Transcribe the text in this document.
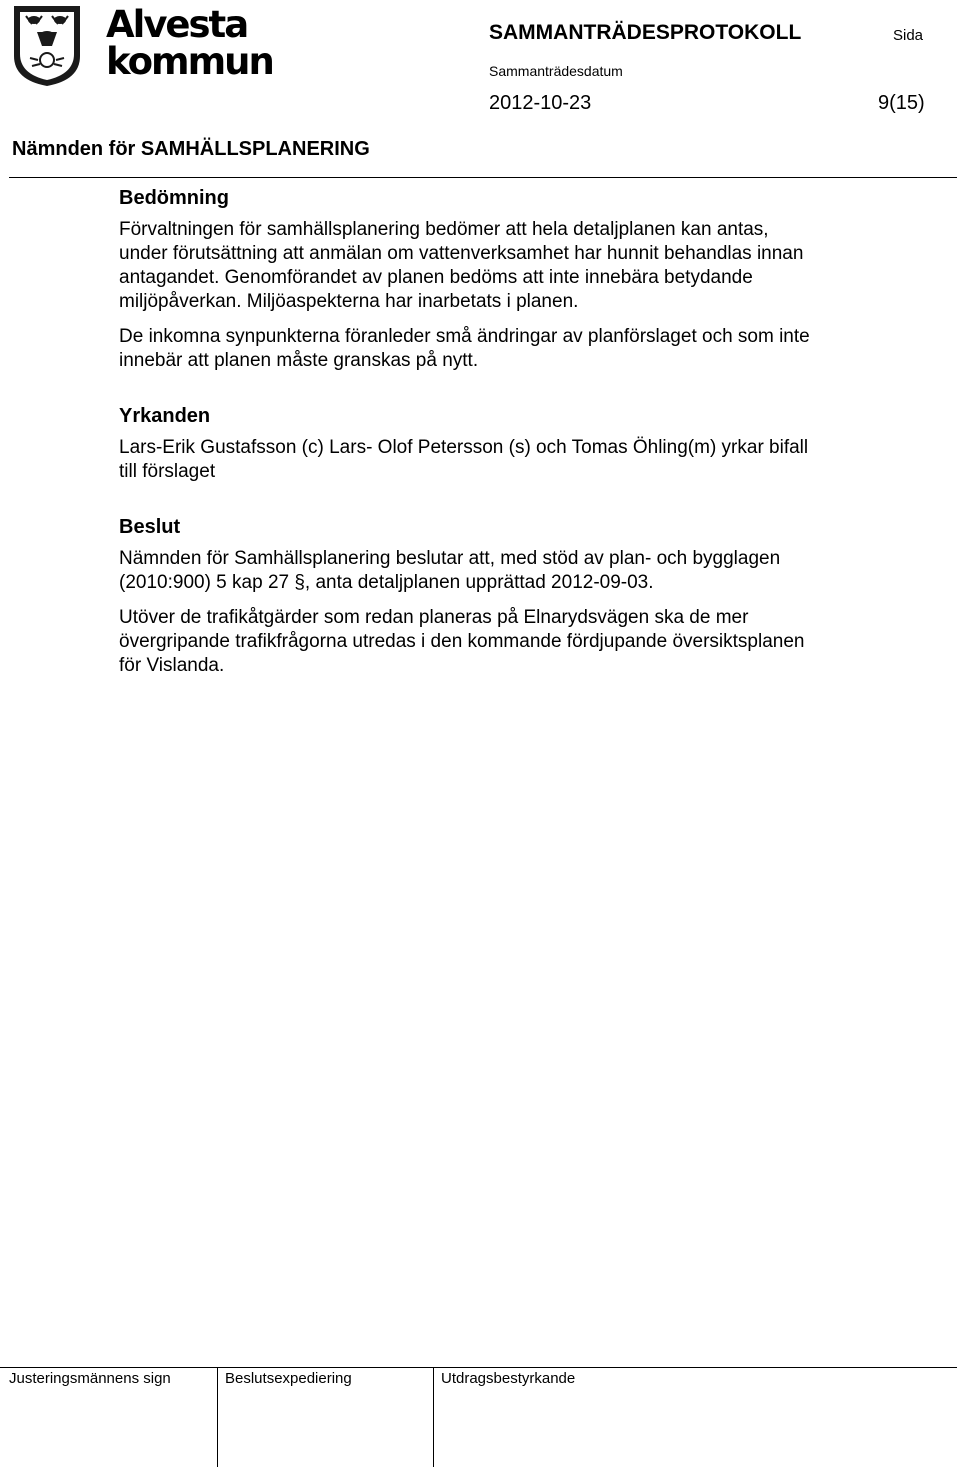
Alvesta
kommun
SAMMANTRÄDESPROTOKOLL	Sida
Sammanträdesdatum
2012-10-23	9(15)
Nämnden för SAMHÄLLSPLANERING
Bedömning

Förvaltningen för samhällsplanering bedömer att hela detaljplanen kan antas, under förutsättning att anmälan om vattenverksamhet har hunnit behandlas innan antagandet. Genomförandet av planen bedöms att inte innebära betydande miljöpåverkan. Miljöaspekterna har inarbetats i planen.

De inkomna synpunkterna föranleder små ändringar av planförslaget och som inte innebär att planen måste granskas på nytt.

Yrkanden

Lars-Erik Gustafsson (c) Lars- Olof Petersson (s) och Tomas Öhling(m) yrkar bifall till förslaget

Beslut

Nämnden för Samhällsplanering beslutar att, med stöd av plan- och bygglagen (2010:900) 5 kap 27 §, anta detaljplanen upprättad 2012-09-03.

Utöver de trafikåtgärder som redan planeras på Elnarydsvägen ska de mer övergripande trafikfrågorna utredas i den kommande fördjupande översiktsplanen för Vislanda.

Justeringsmännens sign	Beslutsexpediering	Utdragsbestyrkande
